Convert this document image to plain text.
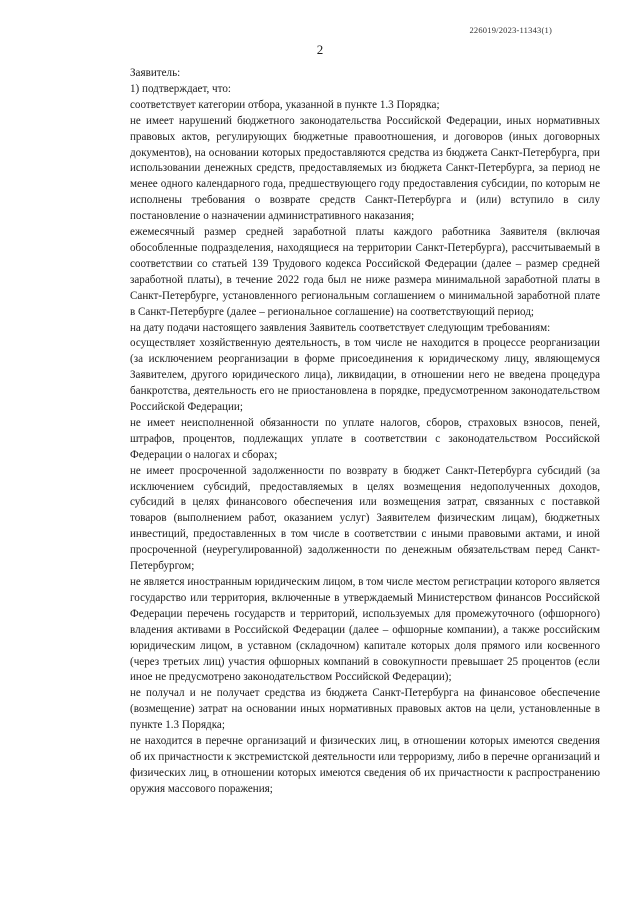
226019/2023-11343(1)
2

Заявитель:

1) подтверждает, что:

соответствует категории отбора, указанной в пункте 1.3 Порядка;

не имеет нарушений бюджетного законодательства Российской Федерации, иных нормативных правовых актов, регулирующих бюджетные правоотношения, и договоров (иных договорных документов), на основании которых предоставляются средства из бюджета Санкт-Петербурга, при использовании денежных средств, предоставляемых из бюджета Санкт-Петербурга, за период не менее одного календарного года, предшествующего году предоставления субсидии, по которым не исполнены требования о возврате средств Санкт-Петербурга и (или) вступило в силу постановление о назначении административного наказания;

ежемесячный размер средней заработной платы каждого работника Заявителя (включая обособленные подразделения, находящиеся на территории Санкт-Петербурга), рассчитываемый в соответствии со статьей 139 Трудового кодекса Российской Федерации (далее – размер средней заработной платы), в течение 2022 года был не ниже размера минимальной заработной платы в Санкт-Петербурге, установленного региональным соглашением о минимальной заработной плате в Санкт-Петербурге (далее – региональное соглашение) на соответствующий период;

на дату подачи настоящего заявления Заявитель соответствует следующим требованиям:

осуществляет хозяйственную деятельность, в том числе не находится в процессе реорганизации (за исключением реорганизации в форме присоединения к юридическому лицу, являющемуся Заявителем, другого юридического лица), ликвидации, в отношении него не введена процедура банкротства, деятельность его не приостановлена в порядке, предусмотренном законодательством Российской Федерации;

не имеет неисполненной обязанности по уплате налогов, сборов, страховых взносов, пеней, штрафов, процентов, подлежащих уплате в соответствии с законодательством Российской Федерации о налогах и сборах;

не имеет просроченной задолженности по возврату в бюджет Санкт-Петербурга субсидий (за исключением субсидий, предоставляемых в целях возмещения недополученных доходов, субсидий в целях финансового обеспечения или возмещения затрат, связанных с поставкой товаров (выполнением работ, оказанием услуг) Заявителем физическим лицам), бюджетных инвестиций, предоставленных в том числе в соответствии с иными правовыми актами, и иной просроченной (неурегулированной) задолженности по денежным обязательствам перед Санкт-Петербургом;

не является иностранным юридическим лицом, в том числе местом регистрации которого является государство или территория, включенные в утверждаемый Министерством финансов Российской Федерации перечень государств и территорий, используемых для промежуточного (офшорного) владения активами в Российской Федерации (далее – офшорные компании), а также российским юридическим лицом, в уставном (складочном) капитале которых доля прямого или косвенного (через третьих лиц) участия офшорных компаний в совокупности превышает 25 процентов (если иное не предусмотрено законодательством Российской Федерации);

не получал и не получает средства из бюджета Санкт-Петербурга на финансовое обеспечение (возмещение) затрат на основании иных нормативных правовых актов на цели, установленные в пункте 1.3 Порядка;

не находится в перечне организаций и физических лиц, в отношении которых имеются сведения об их причастности к экстремистской деятельности или терроризму, либо в перечне организаций и физических лиц, в отношении которых имеются сведения об их причастности к распространению оружия массового поражения;
